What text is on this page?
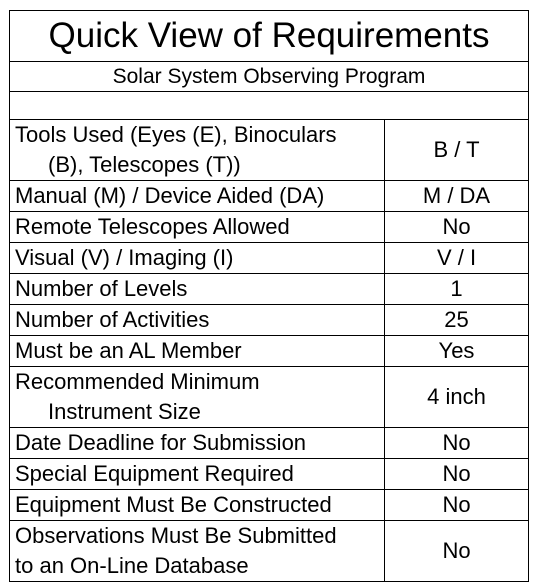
Quick View of Requirements	
Solar System Observing Program	

Tools Used (Eyes (E), Binoculars
(B), Telescopes (T))	B / T
Manual (M) / Device Aided (DA)	M / DA
Remote Telescopes Allowed	No
Visual (V) / Imaging (I)	V / I
Number of Levels	1
Number of Activities	25
Must be an AL Member	Yes

Recommended Minimum
Instrument Size	4 inch
Date Deadline for Submission	No
Special Equipment Required	No
Equipment Must Be Constructed	No

Observations Must Be Submitted
to an On-Line Database	No
